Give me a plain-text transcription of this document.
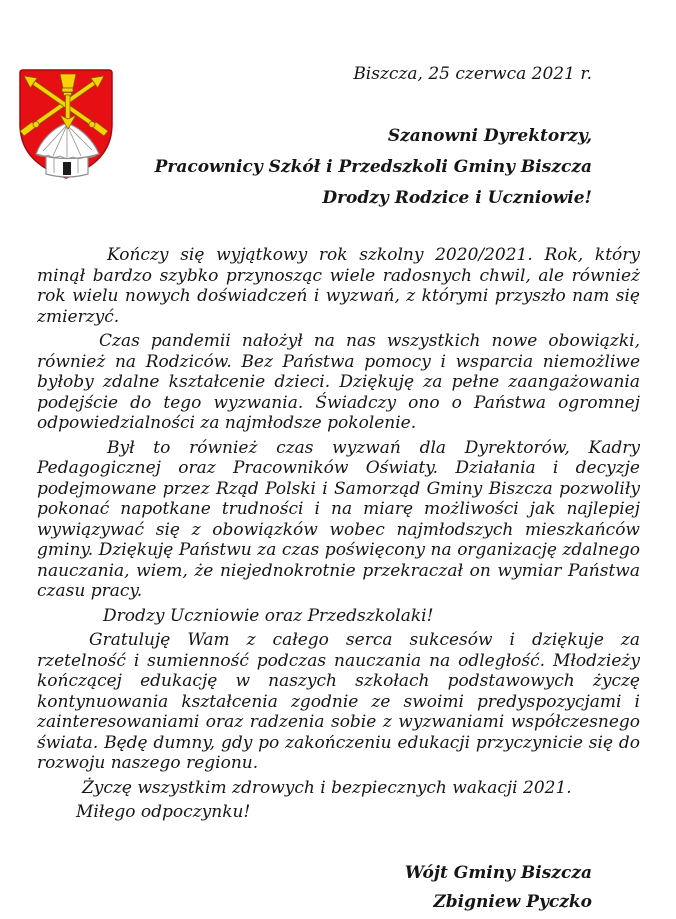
Biszcza, 25 czerwca 2021 r.

Szanowni Dyrektorzy,

Pracownicy Szkół i Przedszkoli Gminy Biszcza

Drodzy Rodzice i Uczniowie!

Kończy się wyjątkowy rok szkolny 2020/2021. Rok, który minął bardzo szybko przynosząc wiele radosnych chwil, ale również rok wielu nowych doświadczeń i wyzwań, z którymi przyszło nam się zmierzyć.

Czas pandemii nałożył na nas wszystkich nowe obowiązki, również na Rodziców. Bez Państwa pomocy i wsparcia niemożliwe byłoby zdalne kształcenie dzieci. Dziękuję za pełne zaangażowania podejście do tego wyzwania. Świadczy ono o Państwa ogromnej odpowiedzialności za najmłodsze pokolenie.

Był to również czas wyzwań dla Dyrektorów, Kadry Pedagogicznej oraz Pracowników Oświaty. Działania i decyzje podejmowane przez Rząd Polski i Samorząd Gminy Biszcza pozwoliły pokonać napotkane trudności i na miarę możliwości jak najlepiej wywiązywać się z obowiązków wobec najmłodszych mieszkańców gminy. Dziękuję Państwu za czas poświęcony na organizację zdalnego nauczania, wiem, że niejednokrotnie przekraczał on wymiar Państwa czasu pracy.

Drodzy Uczniowie oraz Przedszkolaki!

Gratuluję Wam z całego serca sukcesów i dziękuje za rzetelność i sumienność podczas nauczania na odległość. Młodzieży kończącej edukację w naszych szkołach podstawowych życzę kontynuowania kształcenia zgodnie ze swoimi predyspozycjami i zainteresowaniami oraz radzenia sobie z wyzwaniami współczesnego świata. Będę dumny, gdy po zakończeniu edukacji przyczynicie się do rozwoju naszego regionu.

Życzę wszystkim zdrowych i bezpiecznych wakacji 2021.

Miłego odpoczynku!

Wójt Gminy Biszcza

Zbigniew Pyczko
